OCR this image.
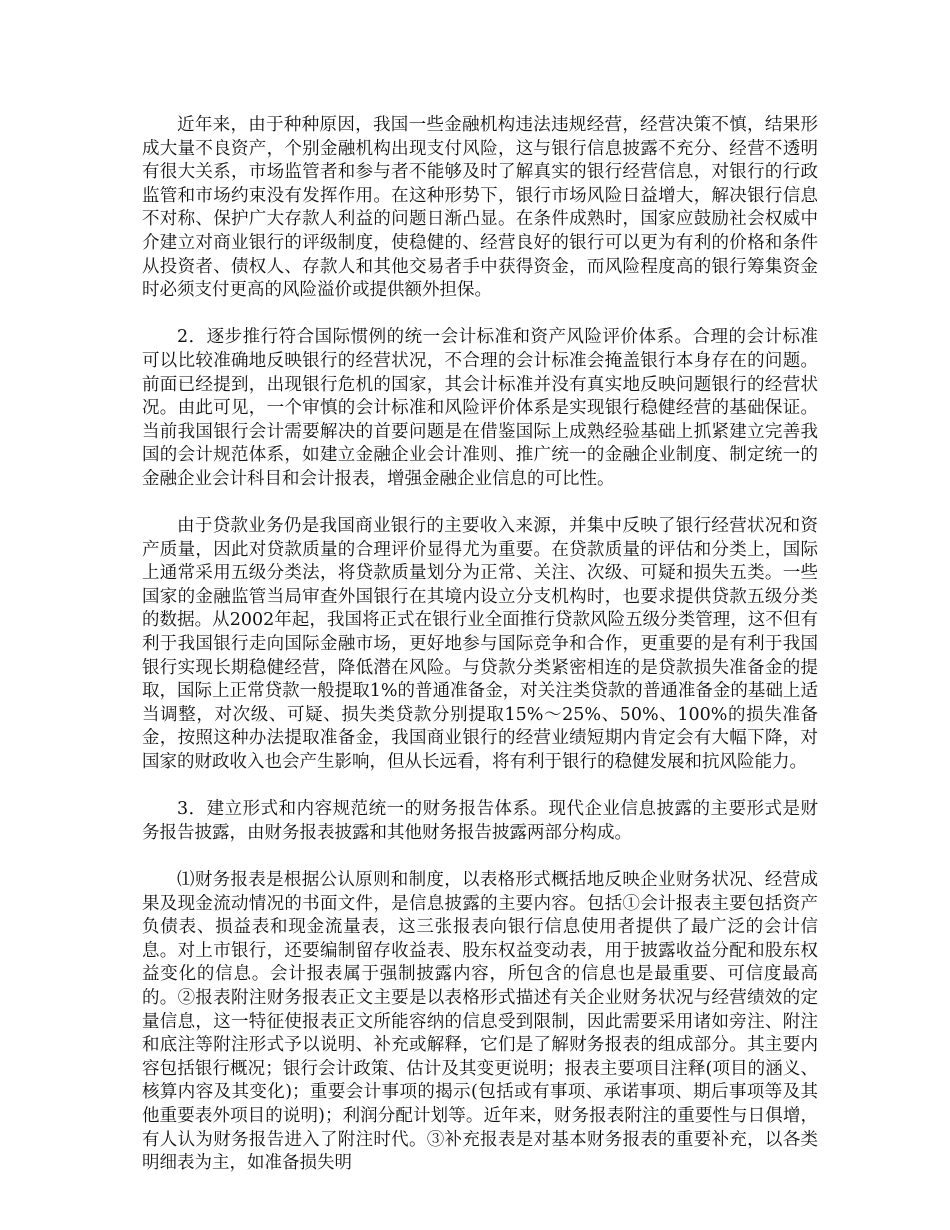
近年来，由于种种原因，我国一些金融机构违法违规经营，经营决策不慎，结果形成大量不良资产，个别金融机构出现支付风险，这与银行信息披露不充分、经营不透明有很大关系，市场监管者和参与者不能够及时了解真实的银行经营信息，对银行的行政监管和市场约束没有发挥作用。在这种形势下，银行市场风险日益增大，解决银行信息不对称、保护广大存款人利益的问题日渐凸显。在条件成熟时，国家应鼓励社会权威中介建立对商业银行的评级制度，使稳健的、经营良好的银行可以更为有利的价格和条件从投资者、债权人、存款人和其他交易者手中获得资金，而风险程度高的银行筹集资金时必须支付更高的风险溢价或提供额外担保。

2．逐步推行符合国际惯例的统一会计标准和资产风险评价体系。合理的会计标准可以比较准确地反映银行的经营状况，不合理的会计标准会掩盖银行本身存在的问题。前面已经提到，出现银行危机的国家，其会计标准并没有真实地反映问题银行的经营状况。由此可见，一个审慎的会计标准和风险评价体系是实现银行稳健经营的基础保证。当前我国银行会计需要解决的首要问题是在借鉴国际上成熟经验基础上抓紧建立完善我国的会计规范体系，如建立金融企业会计准则、推广统一的金融企业制度、制定统一的金融企业会计科目和会计报表，增强金融企业信息的可比性。

由于贷款业务仍是我国商业银行的主要收入来源，并集中反映了银行经营状况和资产质量，因此对贷款质量的合理评价显得尤为重要。在贷款质量的评估和分类上，国际上通常采用五级分类法，将贷款质量划分为正常、关注、次级、可疑和损失五类。一些国家的金融监管当局审查外国银行在其境内设立分支机构时，也要求提供贷款五级分类的数据。从2002年起，我国将正式在银行业全面推行贷款风险五级分类管理，这不但有利于我国银行走向国际金融市场，更好地参与国际竞争和合作，更重要的是有利于我国银行实现长期稳健经营，降低潜在风险。与贷款分类紧密相连的是贷款损失准备金的提取，国际上正常贷款一般提取1%的普通准备金，对关注类贷款的普通准备金的基础上适当调整，对次级、可疑、损失类贷款分别提取15%～25%、50%、100%的损失准备金，按照这种办法提取准备金，我国商业银行的经营业绩短期内肯定会有大幅下降，对国家的财政收入也会产生影响，但从长远看，将有利于银行的稳健发展和抗风险能力。

3．建立形式和内容规范统一的财务报告体系。现代企业信息披露的主要形式是财务报告披露，由财务报表披露和其他财务报告披露两部分构成。

⑴财务报表是根据公认原则和制度，以表格形式概括地反映企业财务状况、经营成果及现金流动情况的书面文件，是信息披露的主要内容。包括①会计报表主要包括资产负债表、损益表和现金流量表，这三张报表向银行信息使用者提供了最广泛的会计信息。对上市银行，还要编制留存收益表、股东权益变动表，用于披露收益分配和股东权益变化的信息。会计报表属于强制披露内容，所包含的信息也是最重要、可信度最高的。②报表附注财务报表正文主要是以表格形式描述有关企业财务状况与经营绩效的定量信息，这一特征使报表正文所能容纳的信息受到限制，因此需要采用诸如旁注、附注和底注等附注形式予以说明、补充或解释，它们是了解财务报表的组成部分。其主要内容包括银行概况；银行会计政策、估计及其变更说明；报表主要项目注释(项目的涵义、核算内容及其变化)；重要会计事项的揭示(包括或有事项、承诺事项、期后事项等及其他重要表外项目的说明)；利润分配计划等。近年来，财务报表附注的重要性与日俱增，有人认为财务报告进入了附注时代。③补充报表是对基本财务报表的重要补充，以各类明细表为主，如准备损失明
